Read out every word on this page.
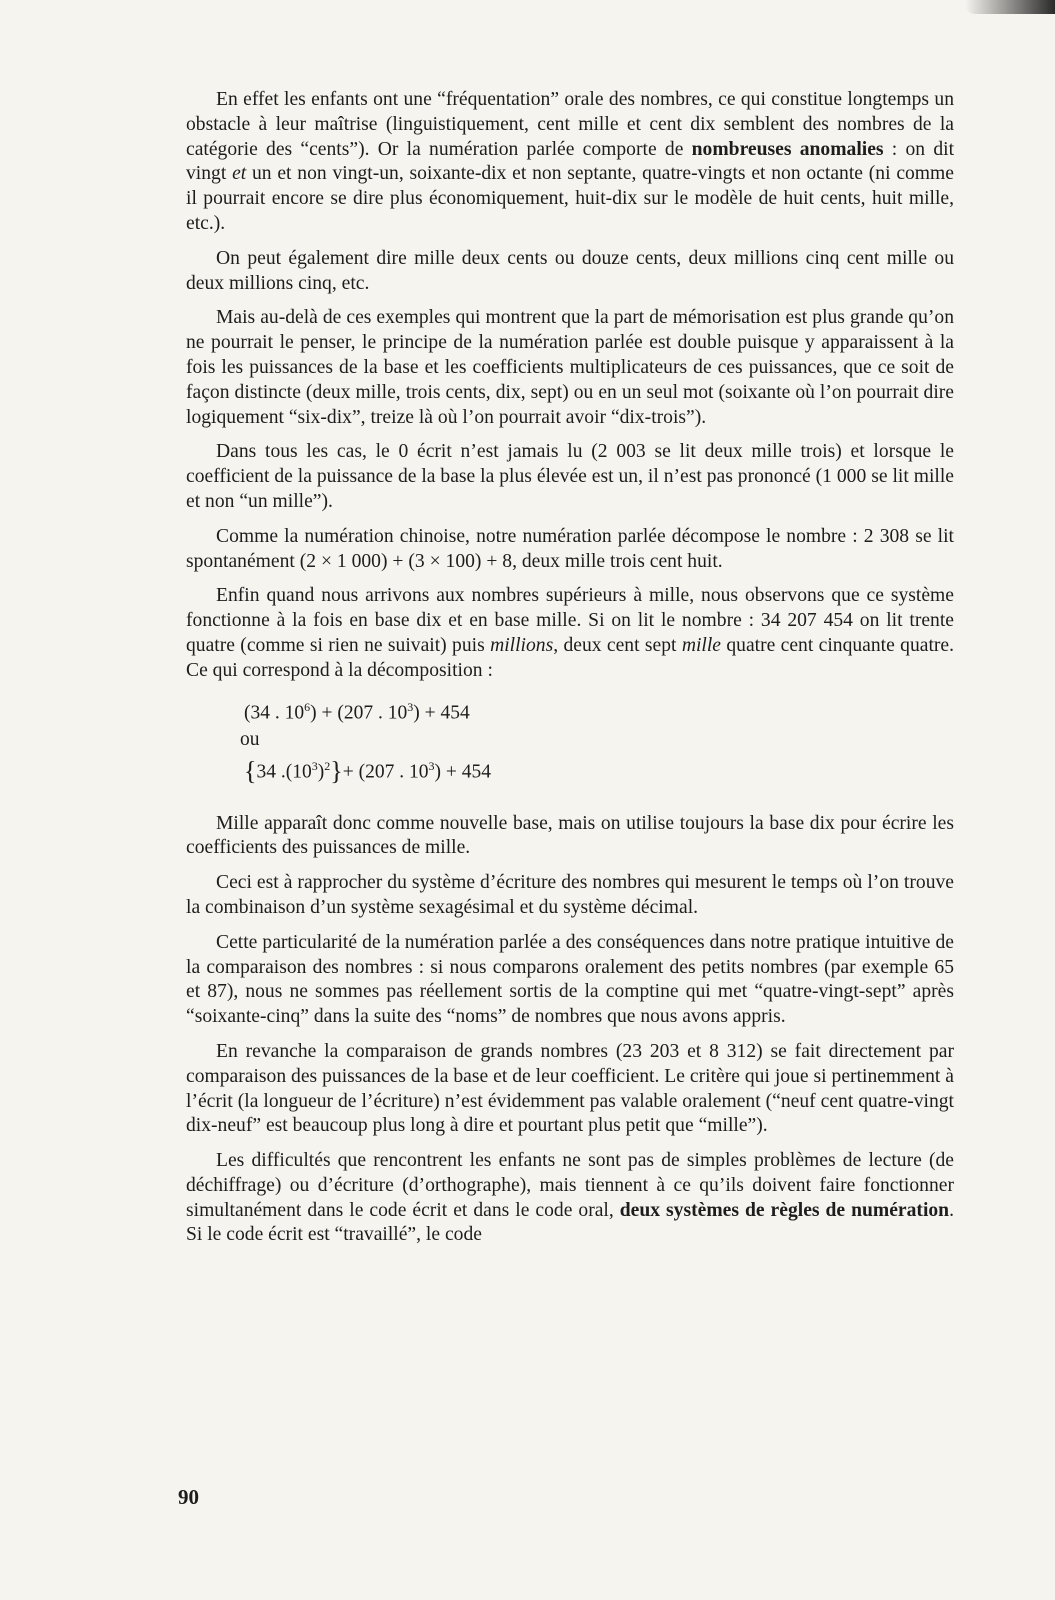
En effet les enfants ont une “fréquentation” orale des nombres, ce qui constitue longtemps un obstacle à leur maîtrise (linguistiquement, cent mille et cent dix semblent des nombres de la catégorie des “cents”). Or la numération parlée comporte de nombreuses anomalies : on dit vingt et un et non vingt-un, soixante-dix et non septante, quatre-vingts et non octante (ni comme il pourrait encore se dire plus économiquement, huit-dix sur le modèle de huit cents, huit mille, etc.).

On peut également dire mille deux cents ou douze cents, deux millions cinq cent mille ou deux millions cinq, etc.

Mais au-delà de ces exemples qui montrent que la part de mémorisation est plus grande qu’on ne pourrait le penser, le principe de la numération parlée est double puisque y apparaissent à la fois les puissances de la base et les coefficients multiplicateurs de ces puissances, que ce soit de façon distincte (deux mille, trois cents, dix, sept) ou en un seul mot (soixante où l’on pourrait dire logiquement “six-dix”, treize là où l’on pourrait avoir “dix-trois”).

Dans tous les cas, le 0 écrit n’est jamais lu (2 003 se lit deux mille trois) et lorsque le coefficient de la puissance de la base la plus élevée est un, il n’est pas prononcé (1 000 se lit mille et non “un mille”).

Comme la numération chinoise, notre numération parlée décompose le nombre : 2 308 se lit spontanément (2 × 1 000) + (3 × 100) + 8, deux mille trois cent huit.

Enfin quand nous arrivons aux nombres supérieurs à mille, nous observons que ce système fonctionne à la fois en base dix et en base mille. Si on lit le nombre : 34 207 454 on lit trente quatre (comme si rien ne suivait) puis millions, deux cent sept mille quatre cent cinquante quatre. Ce qui correspond à la décomposition :

(34 . $10^6) + (207$ . $10^3) + 454$
ou
{34 $.(10^3)^2\}+ (207$ . $10^3) + 454$

Mille apparaît donc comme nouvelle base, mais on utilise toujours la base dix pour écrire les coefficients des puissances de mille.

Ceci est à rapprocher du système d’écriture des nombres qui mesurent le temps où l’on trouve la combinaison d’un système sexagésimal et du système décimal.

Cette particularité de la numération parlée a des conséquences dans notre pratique intuitive de la comparaison des nombres : si nous comparons oralement des petits nombres (par exemple 65 et 87), nous ne sommes pas réellement sortis de la comptine qui met “quatre-vingt-sept” après “soixante-cinq” dans la suite des “noms” de nombres que nous avons appris.

En revanche la comparaison de grands nombres (23 203 et 8 312) se fait directement par comparaison des puissances de la base et de leur coefficient. Le critère qui joue si pertinemment à l’écrit (la longueur de l’écriture) n’est évidemment pas valable oralement (“neuf cent quatre-vingt dix-neuf” est beaucoup plus long à dire et pourtant plus petit que “mille”).

Les difficultés que rencontrent les enfants ne sont pas de simples problèmes de lecture (de déchiffrage) ou d’écriture (d’orthographe), mais tiennent à ce qu’ils doivent faire fonctionner simultanément dans le code écrit et dans le code oral, deux systèmes de règles de numération. Si le code écrit est “travaillé”, le code

90
